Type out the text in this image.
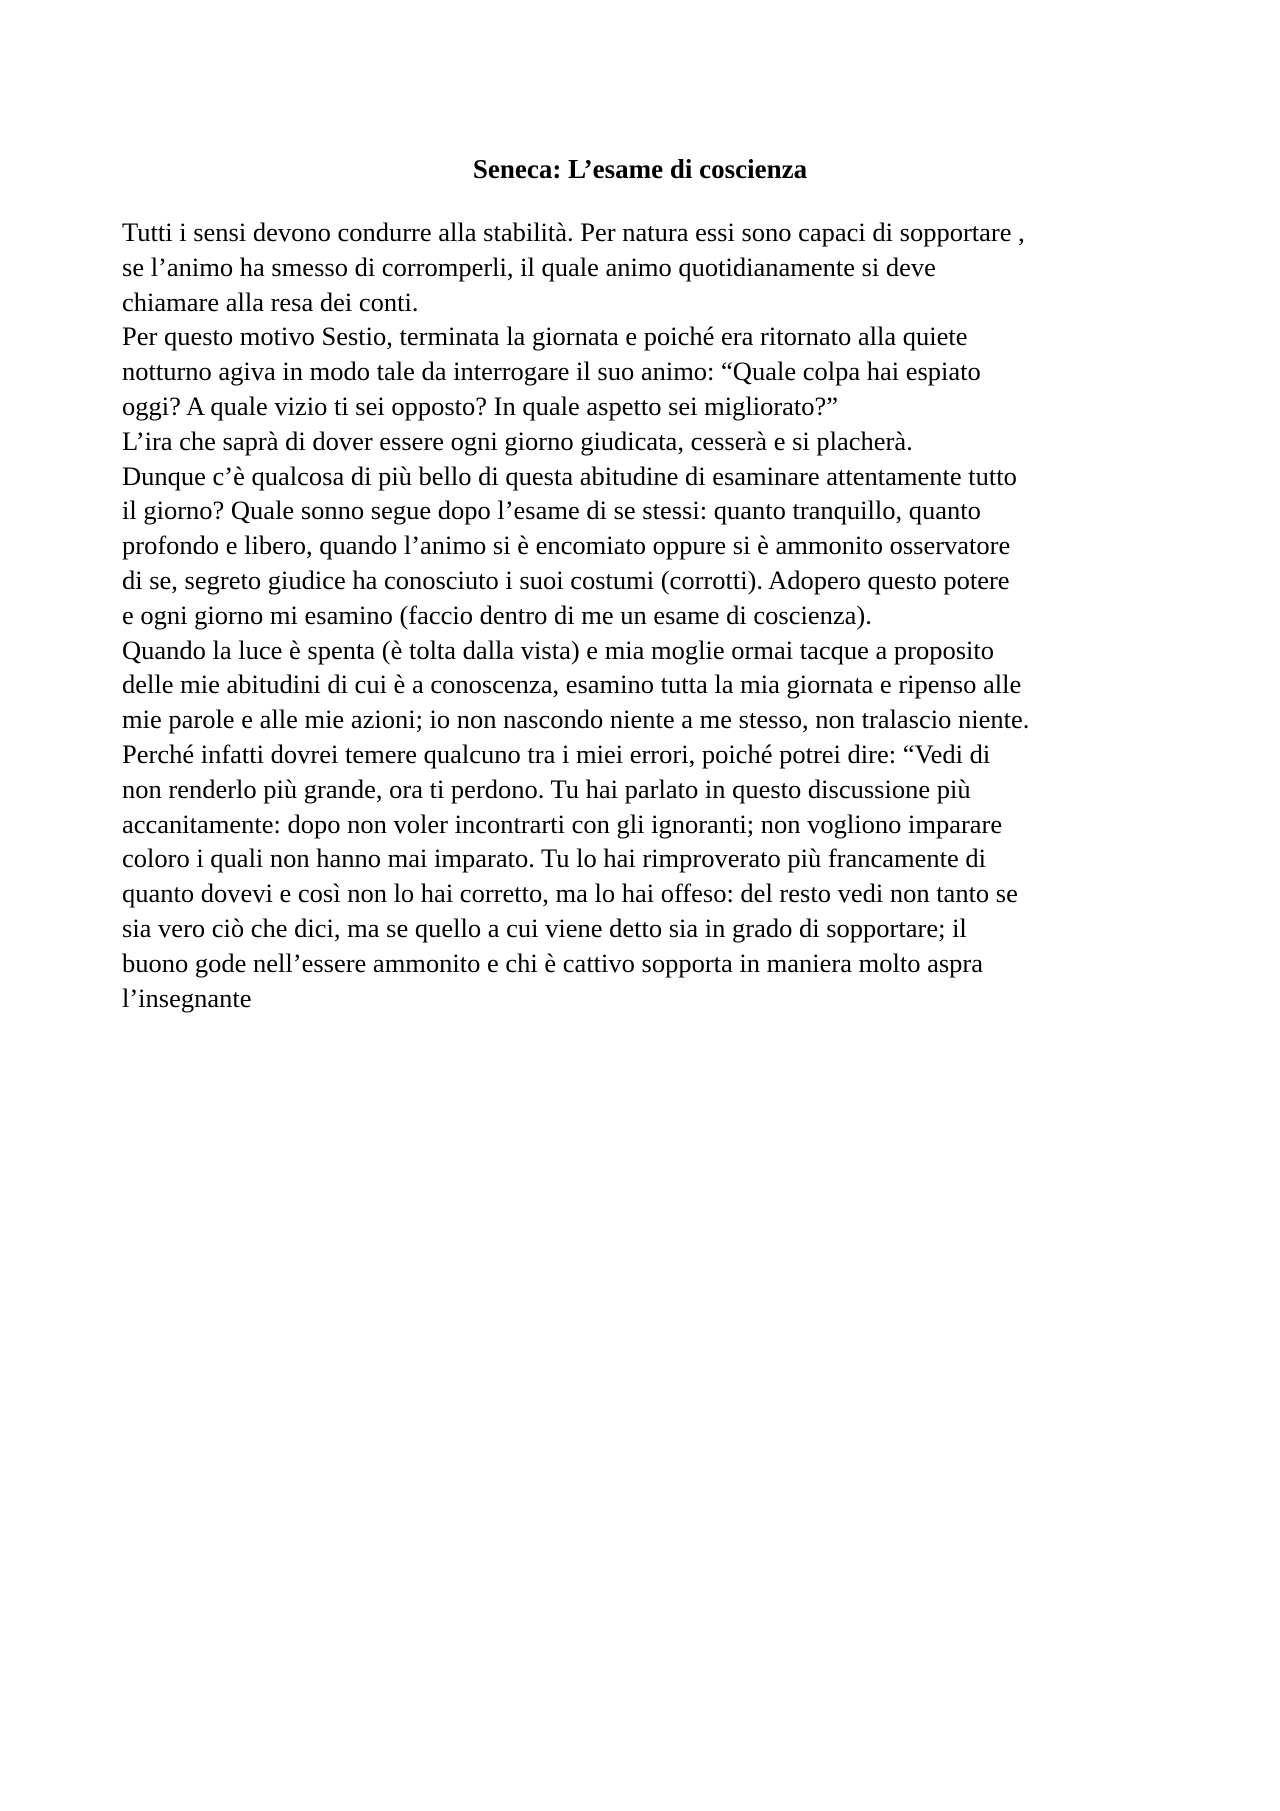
Seneca: L’esame di coscienza
Tutti i sensi devono condurre alla stabilità. Per natura essi sono capaci di sopportare ,
se l’animo ha smesso di corromperli, il quale animo quotidianamente si deve
chiamare alla resa dei conti.
Per questo motivo Sestio, terminata la giornata e poiché era ritornato alla quiete
notturno agiva in modo tale da interrogare il suo animo: “Quale colpa hai espiato
oggi? A quale vizio ti sei opposto? In quale aspetto sei migliorato?”
L’ira che saprà di dover essere ogni giorno giudicata, cesserà e si placherà.
Dunque c’è qualcosa di più bello di questa abitudine di esaminare attentamente tutto
il giorno? Quale sonno segue dopo l’esame di se stessi: quanto tranquillo, quanto
profondo e libero, quando l’animo si è encomiato oppure si è ammonito osservatore
di se, segreto giudice ha conosciuto i suoi costumi (corrotti). Adopero questo potere
e ogni giorno mi esamino (faccio dentro di me un esame di coscienza).
Quando la luce è spenta (è tolta dalla vista) e mia moglie ormai tacque a proposito
delle mie abitudini di cui è a conoscenza, esamino tutta la mia giornata e ripenso alle
mie parole e alle mie azioni; io non nascondo niente a me stesso, non tralascio niente.
Perché infatti dovrei temere qualcuno tra i miei errori, poiché potrei dire: “Vedi di
non renderlo più grande, ora ti perdono. Tu hai parlato in questo discussione più
accanitamente: dopo non voler incontrarti con gli ignoranti; non vogliono imparare
coloro i quali non hanno mai imparato. Tu lo hai rimproverato più francamente di
quanto dovevi e così non lo hai corretto, ma lo hai offeso: del resto vedi non tanto se
sia vero ciò che dici, ma se quello a cui viene detto sia in grado di sopportare; il
buono gode nell’essere ammonito e chi è cattivo sopporta in maniera molto aspra
l’insegnante
